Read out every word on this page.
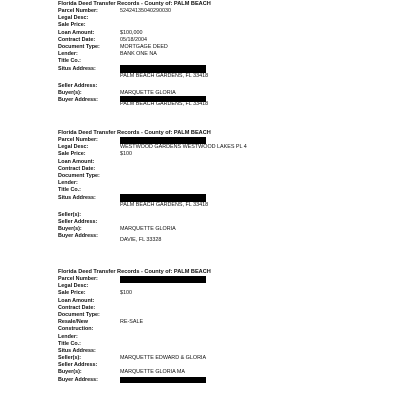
Florida Deed Transfer Records - County of: PALM BEACH
Parcel Number:	52424135040290030
Legal Desc:
Sale Price:
Loan Amount:	$100,000
Contract Date:	05/18/2004
Document Type:	MORTGAGE DEED
Lender:	BANK ONE NA
Title Co.:
Situs Address:
PALM BEACH GARDENS, FL 33418
Seller Address:
Buyer(s):	MARQUETTE GLORIA
Buyer Address:
PALM BEACH GARDENS, FL 33418
Florida Deed Transfer Records - County of: PALM BEACH
Parcel Number:
Legal Desc:	WESTWOOD GARDENS WESTWOOD LAKES PL 4
Sale Price:	$100
Loan Amount:
Contract Date:
Document Type:
Lender:
Title Co.:
Situs Address:
PALM BEACH GARDENS, FL 33418
Seller(s):
Seller Address:
Buyer(s):	MARQUETTE GLORIA
Buyer Address:
DAVIE, FL 33328
Florida Deed Transfer Records - County of: PALM BEACH
Parcel Number:
Legal Desc:
Sale Price:	$100
Loan Amount:
Contract Date:
Document Type:
Resale/New	RE-SALE
Construction:
Lender:
Title Co.:
Situs Address:
Seller(s):	MARQUETTE EDWARD & GLORIA
Seller Address:
Buyer(s):	MARQUETTE GLORIA MA
Buyer Address:
